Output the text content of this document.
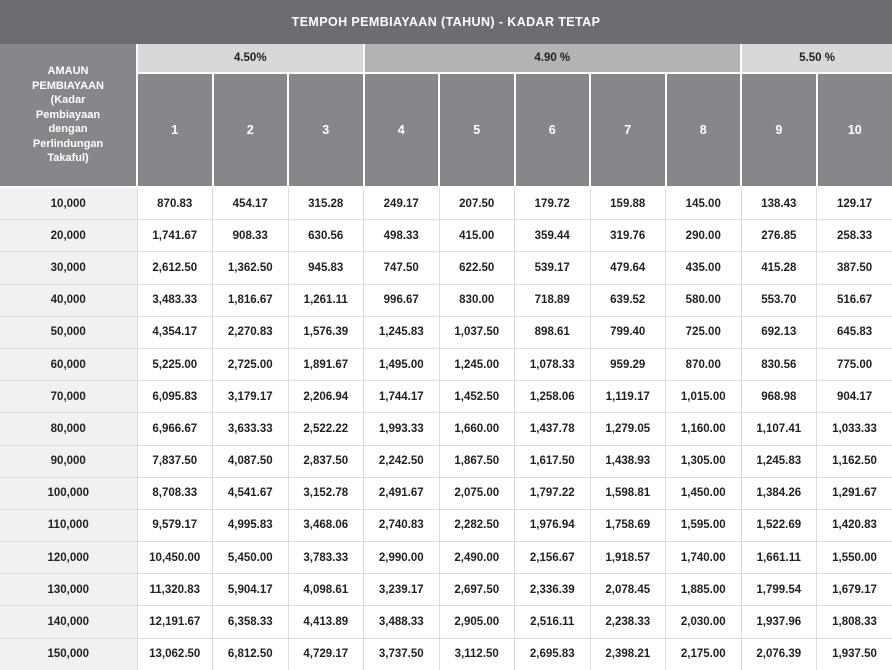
TEMPOH PEMBIAYAAN (TAHUN) - KADAR TETAP
AMAUN
PEMBIAYAAN
(Kadar
Pembiayaan
dengan
Perlindungan
Takaful)
	4.50%	4.90 %	5.50 %
	1	2	3	4	5	6	7	8	9	10
10,000	870.83	454.17	315.28	249.17	207.50	179.72	159.88	145.00	138.43	129.17
20,000	1,741.67	908.33	630.56	498.33	415.00	359.44	319.76	290.00	276.85	258.33
30,000	2,612.50	1,362.50	945.83	747.50	622.50	539.17	479.64	435.00	415.28	387.50
40,000	3,483.33	1,816.67	1,261.11	996.67	830.00	718.89	639.52	580.00	553.70	516.67
50,000	4,354.17	2,270.83	1,576.39	1,245.83	1,037.50	898.61	799.40	725.00	692.13	645.83
60,000	5,225.00	2,725.00	1,891.67	1,495.00	1,245.00	1,078.33	959.29	870.00	830.56	775.00
70,000	6,095.83	3,179.17	2,206.94	1,744.17	1,452.50	1,258.06	1,119.17	1,015.00	968.98	904.17
80,000	6,966.67	3,633.33	2,522.22	1,993.33	1,660.00	1,437.78	1,279.05	1,160.00	1,107.41	1,033.33
90,000	7,837.50	4,087.50	2,837.50	2,242.50	1,867.50	1,617.50	1,438.93	1,305.00	1,245.83	1,162.50
100,000	8,708.33	4,541.67	3,152.78	2,491.67	2,075.00	1,797.22	1,598.81	1,450.00	1,384.26	1,291.67
110,000	9,579.17	4,995.83	3,468.06	2,740.83	2,282.50	1,976.94	1,758.69	1,595.00	1,522.69	1,420.83
120,000	10,450.00	5,450.00	3,783.33	2,990.00	2,490.00	2,156.67	1,918.57	1,740.00	1,661.11	1,550.00
130,000	11,320.83	5,904.17	4,098.61	3,239.17	2,697.50	2,336.39	2,078.45	1,885.00	1,799.54	1,679.17
140,000	12,191.67	6,358.33	4,413.89	3,488.33	2,905.00	2,516.11	2,238.33	2,030.00	1,937.96	1,808.33
150,000	13,062.50	6,812.50	4,729.17	3,737.50	3,112.50	2,695.83	2,398.21	2,175.00	2,076.39	1,937.50
